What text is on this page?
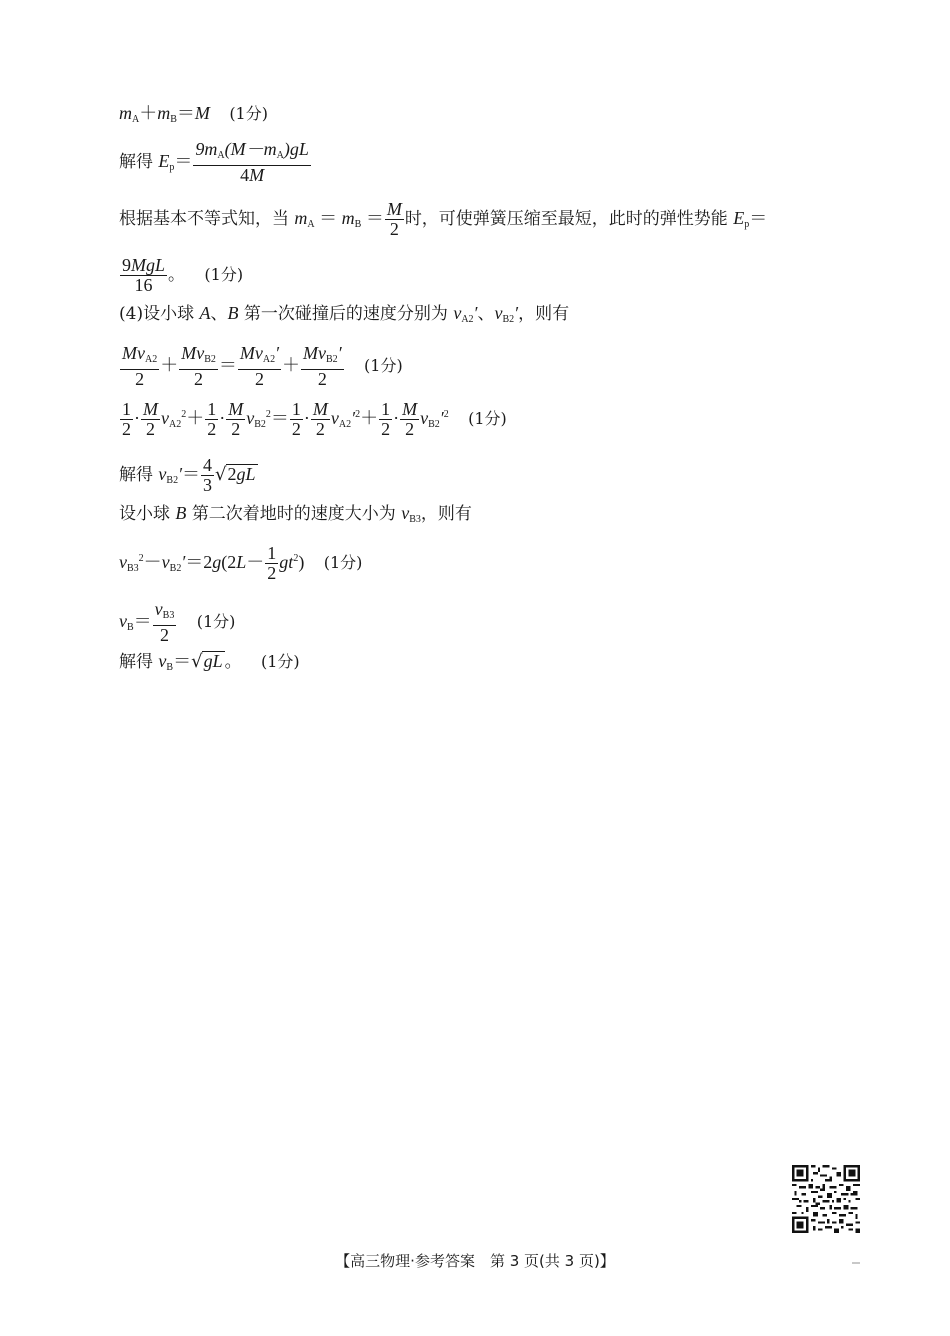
$m_A+m_B=M$ (1分)
解得 $E_p= \frac{9m_A(M-m_A)gL}{4M}$
根据基本不等式知，当 $m_A = m_B = \frac{M}{2}$ 时，可使弹簧压缩至最短，此时的弹性势能 $E_p=$
$\frac{\text{9MgL}}{16}$ 。 (1分)
(4)设小球 A、B 第一次碰撞后的速度分别为 $v_{A2}'$、$v_{B2}'$，则有
$\frac{Mv_{A2}}{2} + \frac{Mv_{B2}}{2} = \frac{Mv_{A2}'}{2} + \frac{Mv_{B2}'}{2} (1$分)
$\frac{1}{2} \cdot \frac{M}{2} v_{A2}^2+ \frac{1}{2} \cdot \frac{M}{2} v_{B2}^2= \frac{1}{2} \cdot \frac{M}{2} v_{A2}'^2+ \frac{1}{2} \cdot \frac{M}{2} v_{B2}'^2$ (1分)
解得 $v_{B2}'= \frac{4}{3} √2gL$
设小球 B 第二次着地时的速度大小为 $v_{B3}$，则有
$v_{B3}^2-v_{B2}'=2g(2L- \frac{1}{2} gt^2)$ (1分)
$v_B= \frac{v_{B3}}{2} (1$分)
解得 $v_B=√gL$ 。 (1分)
【高三物理·参考答案　第 3 页(共 3 页)】
